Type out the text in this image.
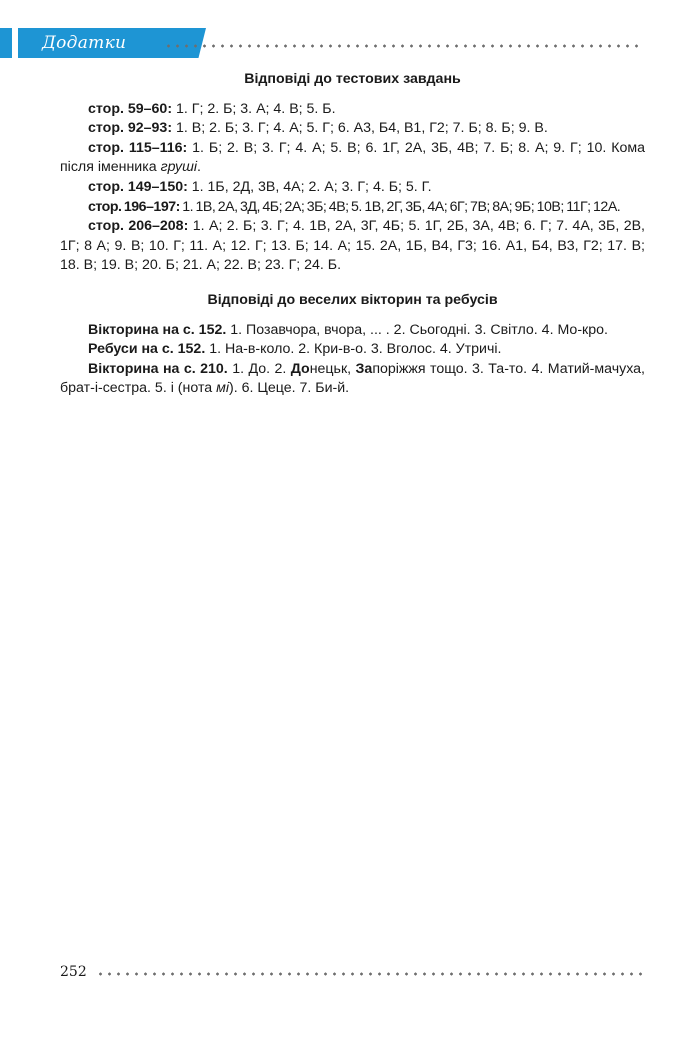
Додатки
Відповіді до тестових завдань

стор. 59–60: 1. Г; 2. Б; 3. А; 4. В; 5. Б.

стор. 92–93: 1. В; 2. Б; 3. Г; 4. А; 5. Г; 6. А3, Б4, В1, Г2; 7. Б; 8. Б; 9. В.

стор. 115–116: 1. Б; 2. В; 3. Г; 4. А; 5. В; 6. 1Г, 2А, 3Б, 4В; 7. Б; 8. А; 9. Г; 10. Кома після іменника груші.

стор. 149–150: 1. 1Б, 2Д, 3В, 4А; 2. А; 3. Г; 4. Б; 5. Г.

стор. 196–197: 1. 1В, 2А, 3Д, 4Б; 2А; 3Б; 4В; 5. 1В, 2Г, 3Б, 4А; 6Г; 7В; 8А; 9Б; 10В; 11Г; 12А.

стор. 206–208: 1. А; 2. Б; 3. Г; 4. 1В, 2А, 3Г, 4Б; 5. 1Г, 2Б, 3А, 4В; 6. Г; 7. 4А, 3Б, 2В, 1Г; 8 А; 9. В; 10. Г; 11. А; 12. Г; 13. Б; 14. А; 15. 2А, 1Б, В4, Г3; 16. А1, Б4, В3, Г2; 17. В; 18. В; 19. В; 20. Б; 21. А; 22. В; 23. Г; 24. Б.

Відповіді до веселих вікторин та ребусів

Вікторина на с. 152. 1. Позавчора, вчора, ... . 2. Сьогодні. 3. Світло. 4. Мо-кро.

Ребуси на с. 152. 1. На-в-коло. 2. Кри-в-о. 3. Вголос. 4. Утричі.

Вікторина на с. 210. 1. До. 2. Донецьк, Запоріжжя тощо. 3. Та-то. 4. Матий-мачуха, брат-і-сестра. 5. і (нота мі). 6. Цеце. 7. Би-й.

252
